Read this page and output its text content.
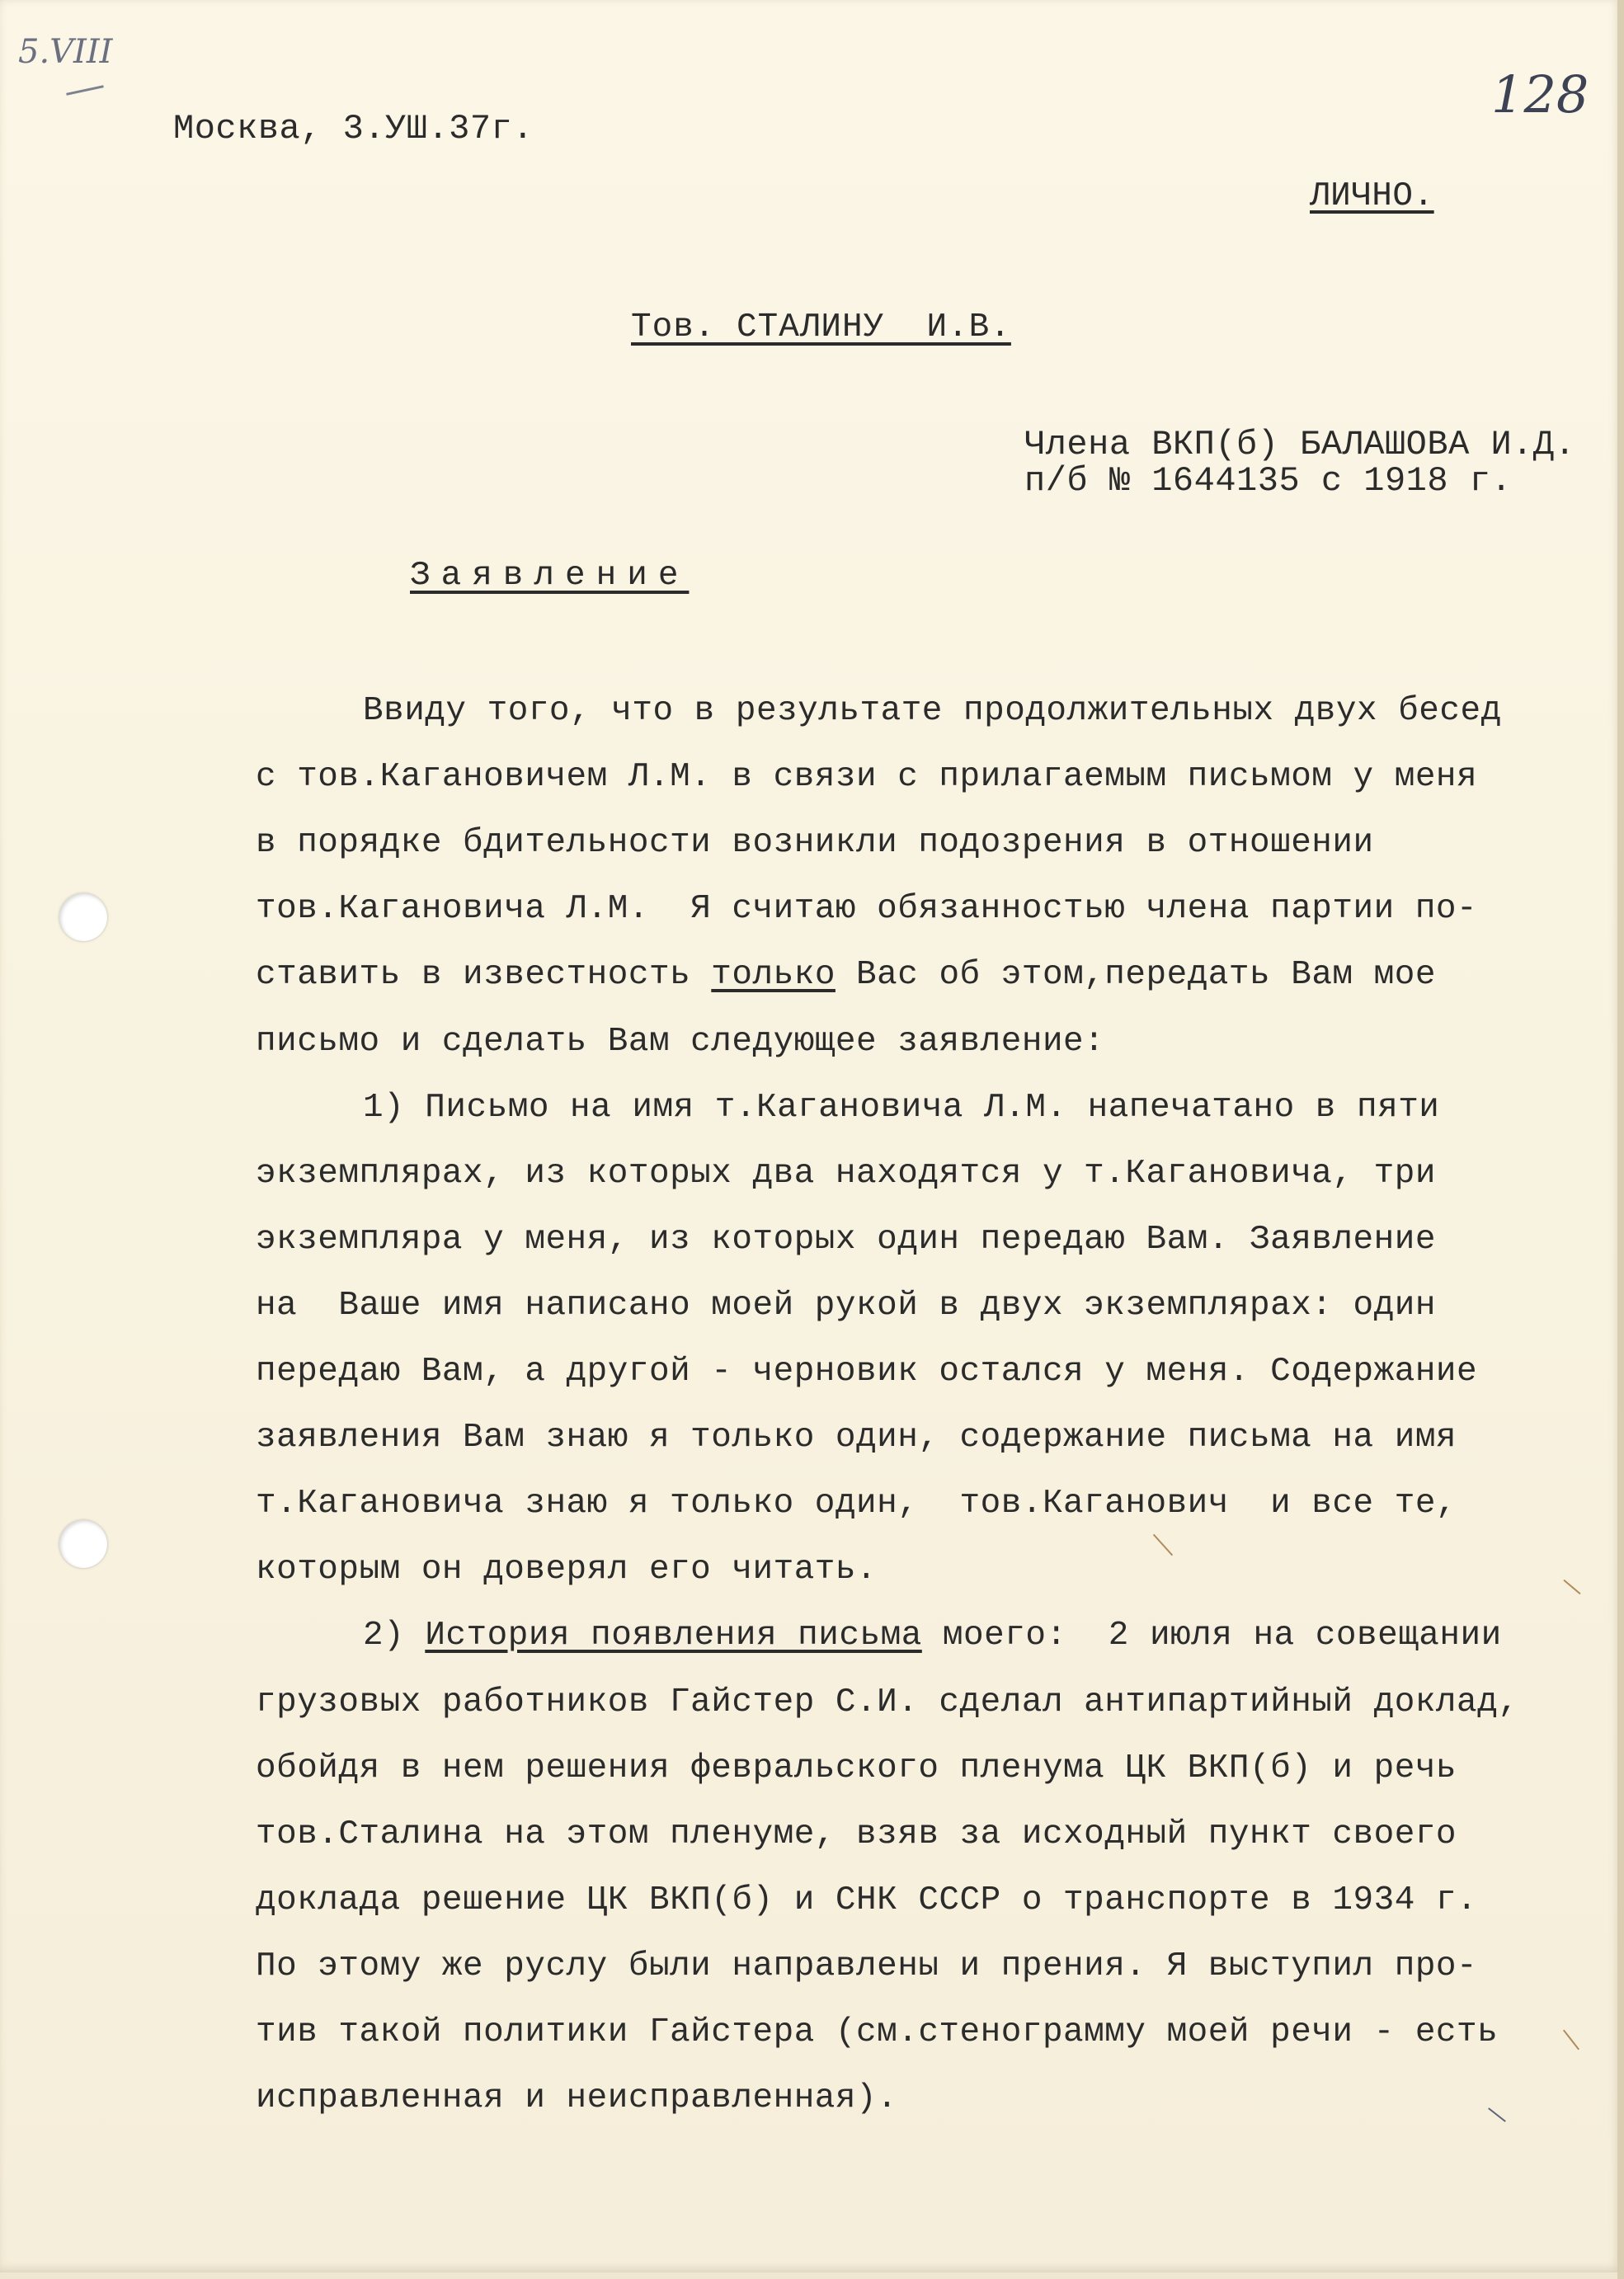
5.VIII
128
Москва, 3.УШ.37г.
ЛИЧНО.
Тов. СТАЛИНУ  И.В.
Члена ВКП(б) БАЛАШОВА И.Д.
п/б № 1644135 с 1918 г.
Заявление
Ввиду того, что в результате продолжительных двух бесед
с тов.Кагановичем Л.М. в связи с прилагаемым письмом у меня
в порядке бдительности возникли подозрения в отношении
тов.Кагановича Л.М.  Я считаю обязанностью члена партии по-
ставить в известность только Вас об этом,передать Вам мое
письмо и сделать Вам следующее заявление:
1) Письмо на имя т.Кагановича Л.М. напечатано в пяти
экземплярах, из которых два находятся у т.Кагановича, три
экземпляра у меня, из которых один передаю Вам. Заявление
на  Ваше имя написано моей рукой в двух экземплярах: один
передаю Вам, а другой - черновик остался у меня. Содержание
заявления Вам знаю я только один, содержание письма на имя
т.Кагановича знаю я только один,  тов.Каганович  и все те,
которым он доверял его читать.
2) История появления письма моего:  2 июля на совещании
грузовых работников Гайстер С.И. сделал антипартийный доклад,
обойдя в нем решения февральского пленума ЦК ВКП(б) и речь
тов.Сталина на этом пленуме, взяв за исходный пункт своего
доклада решение ЦК ВКП(б) и СНК СССР о транспорте в 1934 г.
По этому же руслу были направлены и прения. Я выступил про-
тив такой политики Гайстера (см.стенограмму моей речи - есть
исправленная и неисправленная).
